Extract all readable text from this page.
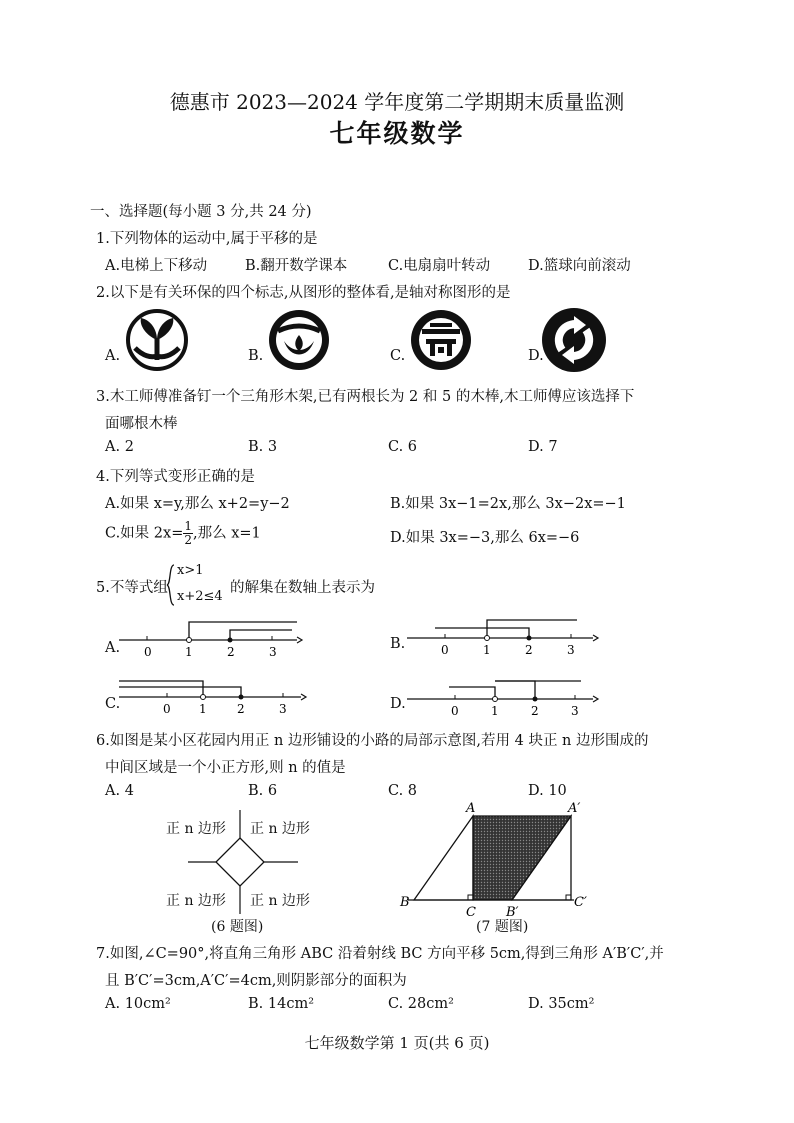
德惠市 2023—2024 学年度第二学期期末质量监测
七年级数学
一、选择题(每小题 3 分,共 24 分)
1.下列物体的运动中,属于平移的是
A.电梯上下移动	B.翻开数学课本	C.电扇扇叶转动	D.篮球向前滚动
2.以下是有关环保的四个标志,从图形的整体看,是轴对称图形的是
A.	B.	C.	D.
3.木工师傅准备钉一个三角形木架,已有两根长为 2 和 5 的木棒,木工师傅应该选择下
面哪根木棒
A. 2	B. 3	C. 6	D. 7
4.下列等式变形正确的是
A.如果 x=y,那么 x+2=y−2	B.如果 3x−1=2x,那么 3x−2x=−1
C.如果 $2x= \frac{1}{2}$ ,那么 x=1	D.如果 3x=−3,那么 6x=−6
5.不等式组
x>1
x+2≤4
的解集在数轴上表示为
A.	B.
C.	D.
0	1	2	3	0	1	2	3
0 1	2	3	0	1	2	3
6.如图是某小区花园内用正 n 边形铺设的小路的局部示意图,若用 4 块正 n 边形围成的
中间区域是一个小正方形,则 n 的值是
A. 4	B. 6	C. 8	D. 10
正 n 边形 正 n 边形
正 n 边形 正 n 边形
(6 题图)
A	A′
B
C B′
C′
(7 题图)
7.如图,∠C=90°,将直角三角形 ABC 沿着射线 BC 方向平移 5cm,得到三角形 A′B′C′,并
且 B′C′=3cm,A′C′=4cm,则阴影部分的面积为
A. 10cm²	B. 14cm²	C. 28cm²	D. 35cm²
七年级数学第 1 页(共 6 页)
